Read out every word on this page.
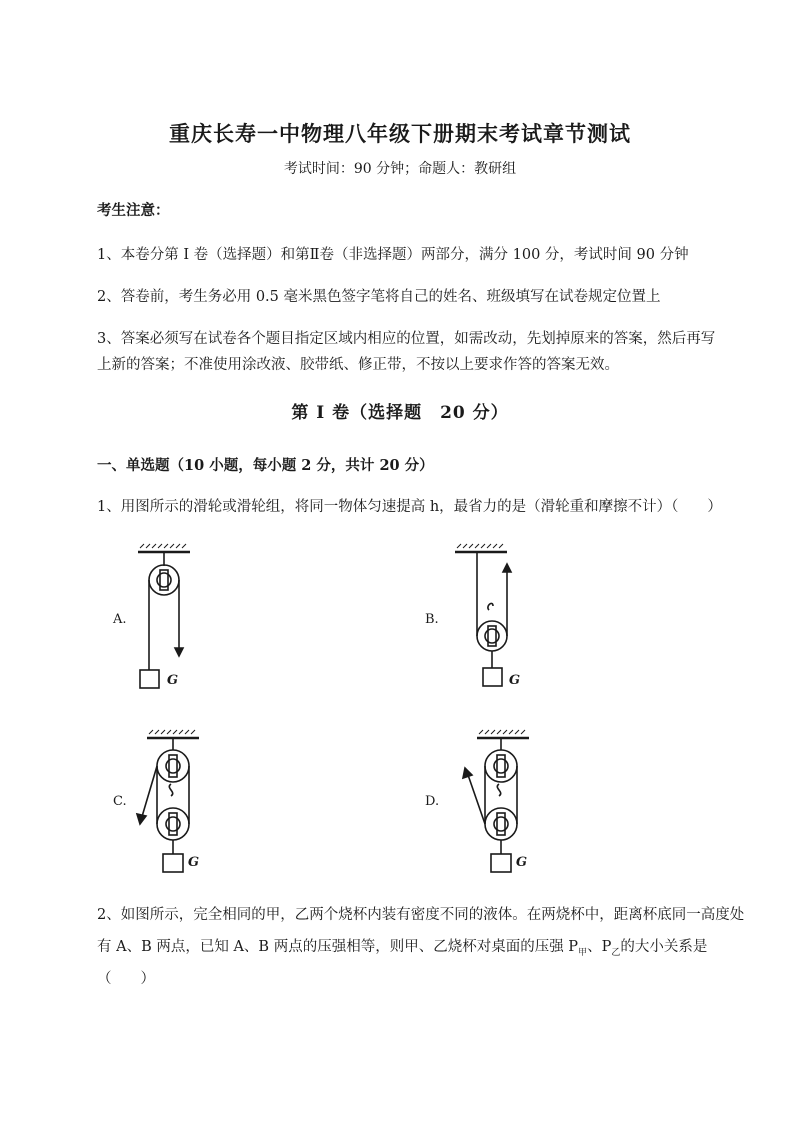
重庆长寿一中物理八年级下册期末考试章节测试
考试时间：90 分钟；命题人：教研组
考生注意：
1、本卷分第 I 卷（选择题）和第Ⅱ卷（非选择题）两部分，满分 100 分，考试时间 90 分钟
2、答卷前，考生务必用 0.5 毫米黑色签字笔将自己的姓名、班级填写在试卷规定位置上
3、答案必须写在试卷各个题目指定区域内相应的位置，如需改动，先划掉原来的答案，然后再写上新的答案；不准使用涂改液、胶带纸、修正带，不按以上要求作答的答案无效。
第 I 卷（选择题　20 分）
一、单选题（10 小题，每小题 2 分，共计 20 分）
1、用图所示的滑轮或滑轮组，将同一物体匀速提高 h，最省力的是（滑轮重和摩擦不计）（　　）
A.	B.
C.	D.
G	G
G	G
2、如图所示，完全相同的甲，乙两个烧杯内装有密度不同的液体。在两烧杯中，距离杯底同一高度处
有 A、B 两点，已知 A、B 两点的压强相等，则甲、乙烧杯对桌面的压强 $P_甲$、$P_乙$的大小关系是（　　）
